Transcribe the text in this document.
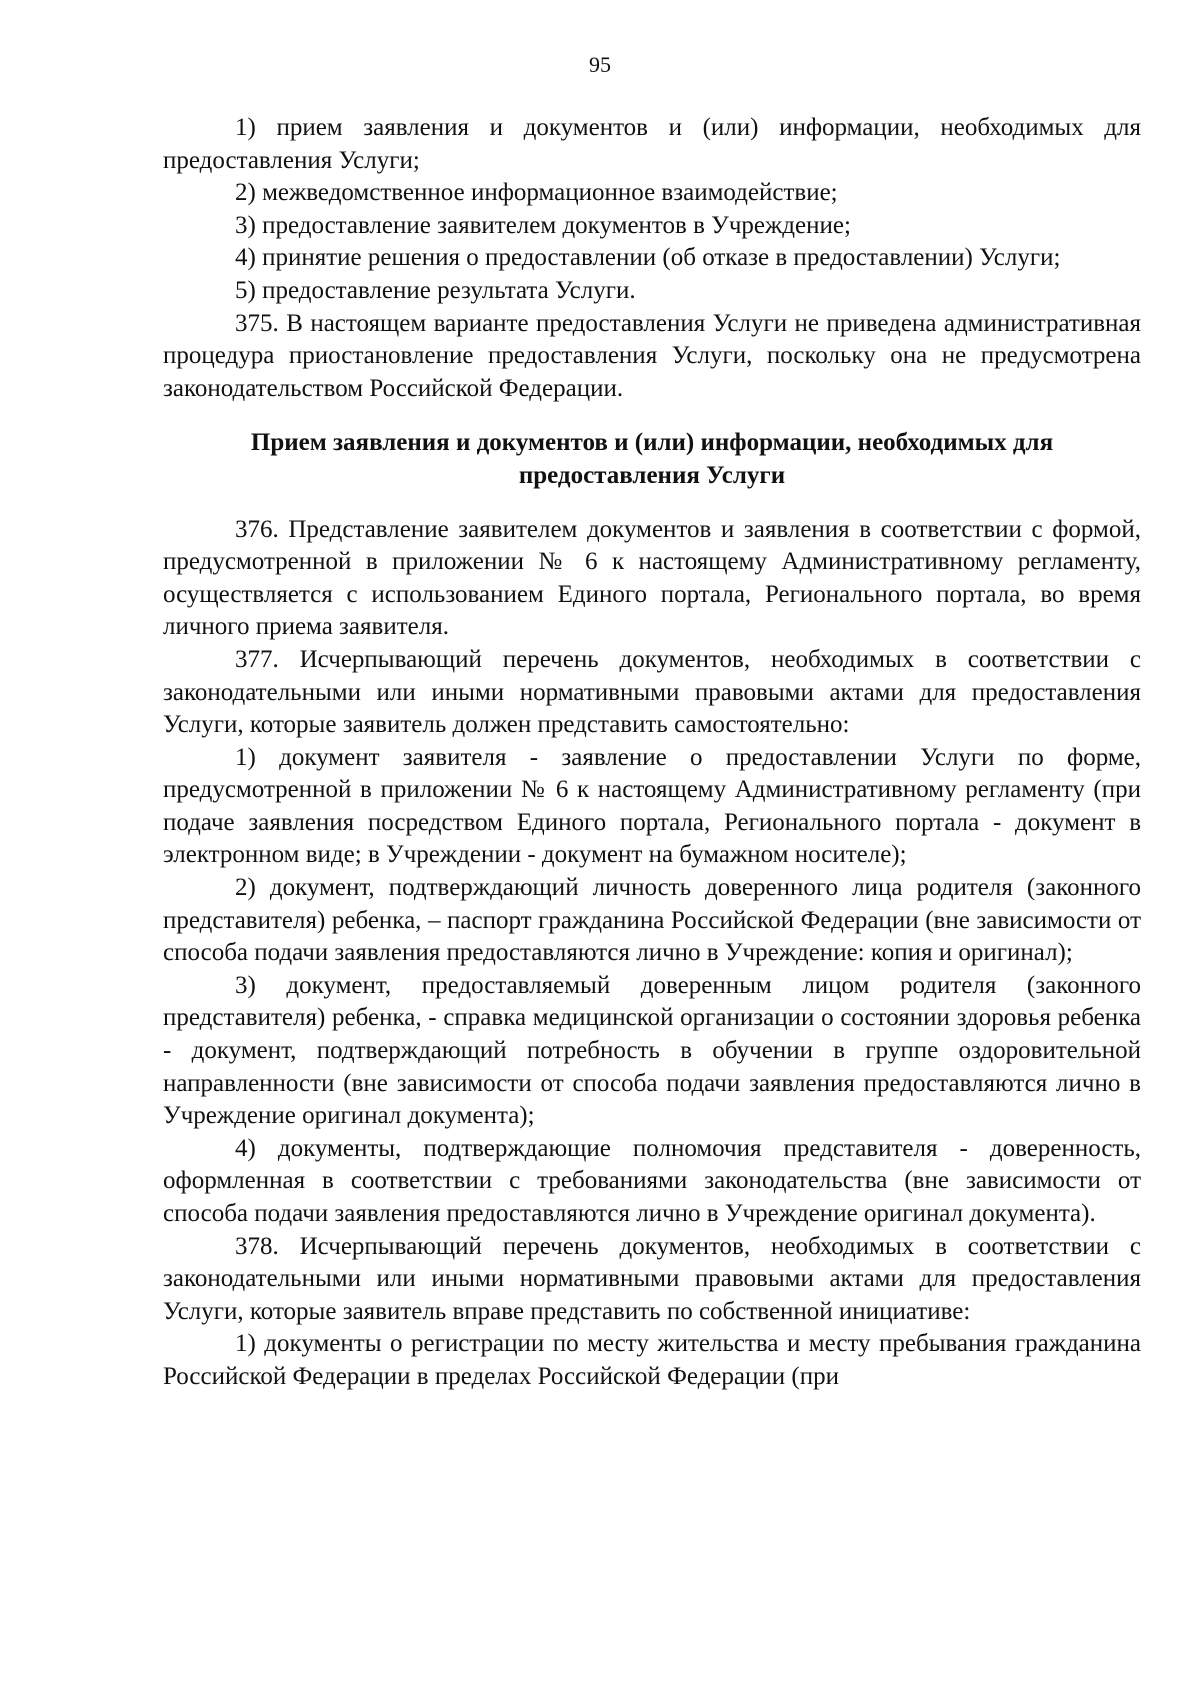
95

1) прием заявления и документов и (или) информации, необходимых для предоставления Услуги;

2) межведомственное информационное взаимодействие;

3) предоставление заявителем документов в Учреждение;

4) принятие решения о предоставлении (об отказе в предоставлении) Услуги;

5) предоставление результата Услуги.

375. В настоящем варианте предоставления Услуги не приведена административная процедура приостановление предоставления Услуги, поскольку она не предусмотрена законодательством Российской Федерации.

Прием заявления и документов и (или) информации, необходимых для
предоставления Услуги

376. Представление заявителем документов и заявления в соответствии с формой, предусмотренной в приложении № 6 к настоящему Административному регламенту, осуществляется с использованием Единого портала, Регионального портала, во время личного приема заявителя.

377. Исчерпывающий перечень документов, необходимых в соответствии с законодательными или иными нормативными правовыми актами для предоставления Услуги, которые заявитель должен представить самостоятельно:

1) документ заявителя - заявление о предоставлении Услуги по форме, предусмотренной в приложении № 6 к настоящему Административному регламенту (при подаче заявления посредством Единого портала, Регионального портала - документ в электронном виде; в Учреждении - документ на бумажном носителе);

2) документ, подтверждающий личность доверенного лица родителя (законного представителя) ребенка, – паспорт гражданина Российской Федерации (вне зависимости от способа подачи заявления предоставляются лично в Учреждение: копия и оригинал);

3) документ, предоставляемый доверенным лицом родителя (законного представителя) ребенка, - справка медицинской организации о состоянии здоровья ребенка - документ, подтверждающий потребность в обучении в группе оздоровительной направленности (вне зависимости от способа подачи заявления предоставляются лично в Учреждение оригинал документа);

4) документы, подтверждающие полномочия представителя - доверенность, оформленная в соответствии с требованиями законодательства (вне зависимости от способа подачи заявления предоставляются лично в Учреждение оригинал документа).

378. Исчерпывающий перечень документов, необходимых в соответствии с законодательными или иными нормативными правовыми актами для предоставления Услуги, которые заявитель вправе представить по собственной инициативе:

1) документы о регистрации по месту жительства и месту пребывания гражданина Российской Федерации в пределах Российской Федерации (при
